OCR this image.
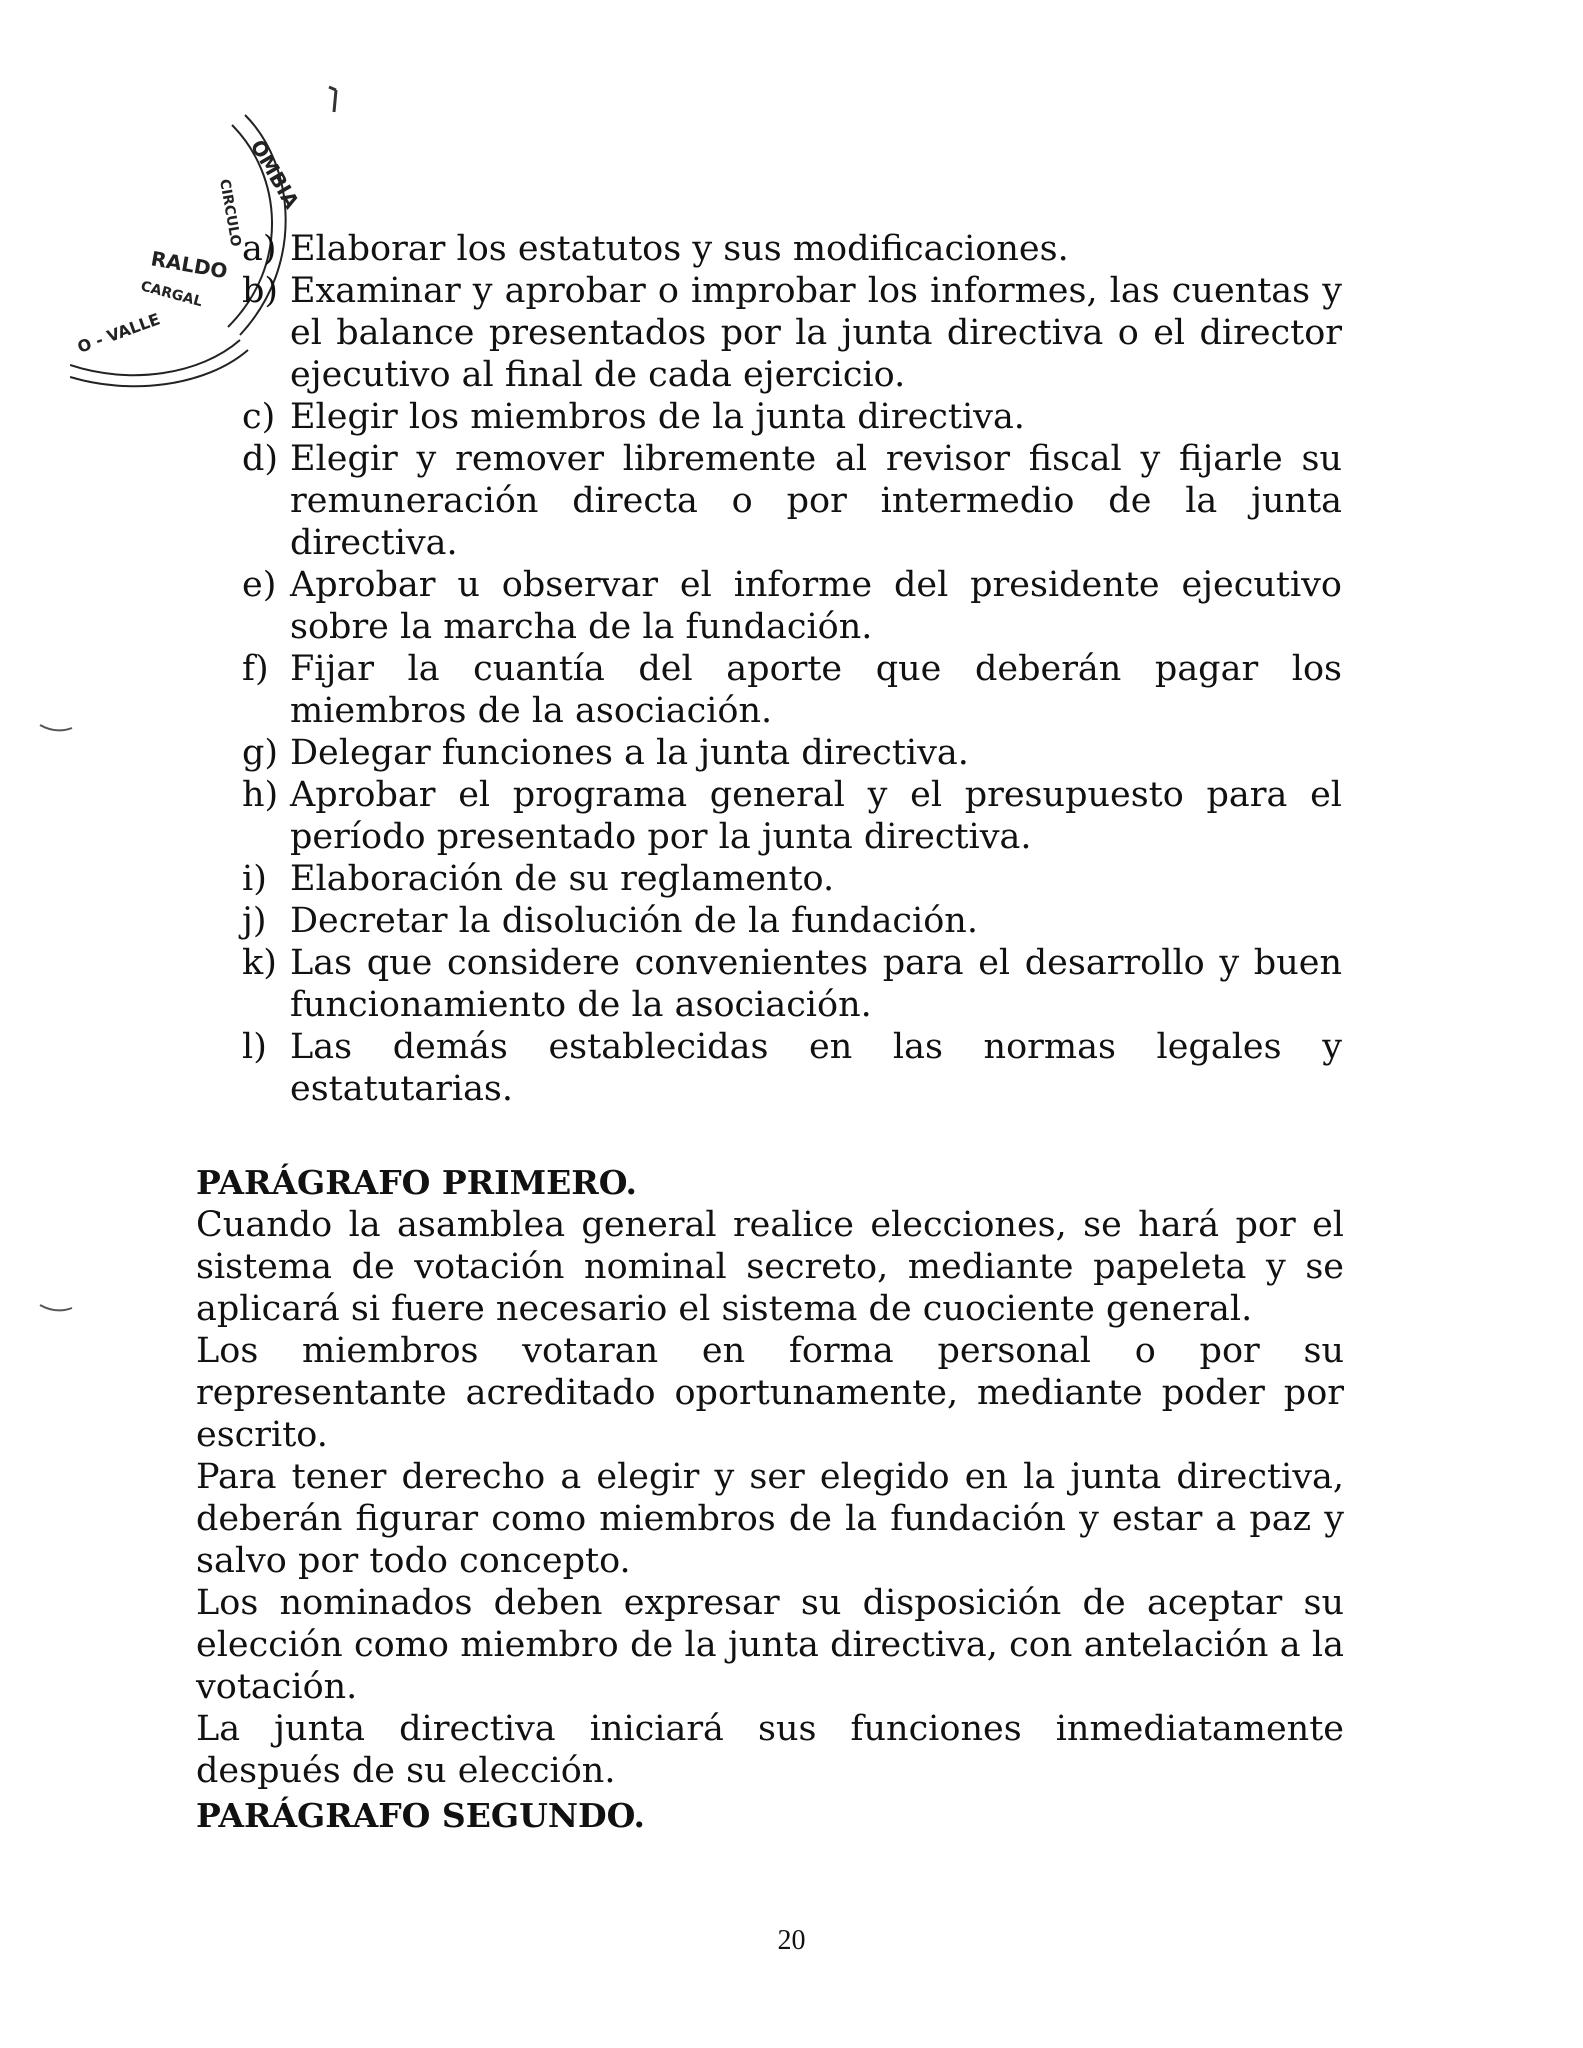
OMBIA
CIRCULO
RALDO
CARGAL
O - VALLE
a) Elaborar los estatutos y sus modificaciones.
b) Examinar y aprobar o improbar los informes, las cuentas y el balance presentados por la junta directiva o el director ejecutivo al final de cada ejercicio.
c) Elegir los miembros de la junta directiva.
d) Elegir y remover libremente al revisor fiscal y fijarle su remuneración directa o por intermedio de la junta directiva.
e) Aprobar u observar el informe del presidente ejecutivo sobre la marcha de la fundación.
f) Fijar la cuantía del aporte que deberán pagar los miembros de la asociación.
g) Delegar funciones a la junta directiva.
h) Aprobar el programa general y el presupuesto para el período presentado por la junta directiva.
i) Elaboración de su reglamento.
j) Decretar la disolución de la fundación.
k) Las que considere convenientes para el desarrollo y buen funcionamiento de la asociación.
l) Las demás establecidas en las normas legales y estatutarias.
PARÁGRAFO PRIMERO.

Cuando la asamblea general realice elecciones, se hará por el sistema de votación nominal secreto, mediante papeleta y se aplicará si fuere necesario el sistema de cuociente general.

Los miembros votaran en forma personal o por su representante acreditado oportunamente, mediante poder por escrito.

Para tener derecho a elegir y ser elegido en la junta directiva, deberán figurar como miembros de la fundación y estar a paz y salvo por todo concepto.

Los nominados deben expresar su disposición de aceptar su elección como miembro de la junta directiva, con antelación a la votación.

La junta directiva iniciará sus funciones inmediatamente después de su elección.

PARÁGRAFO SEGUNDO.
20
